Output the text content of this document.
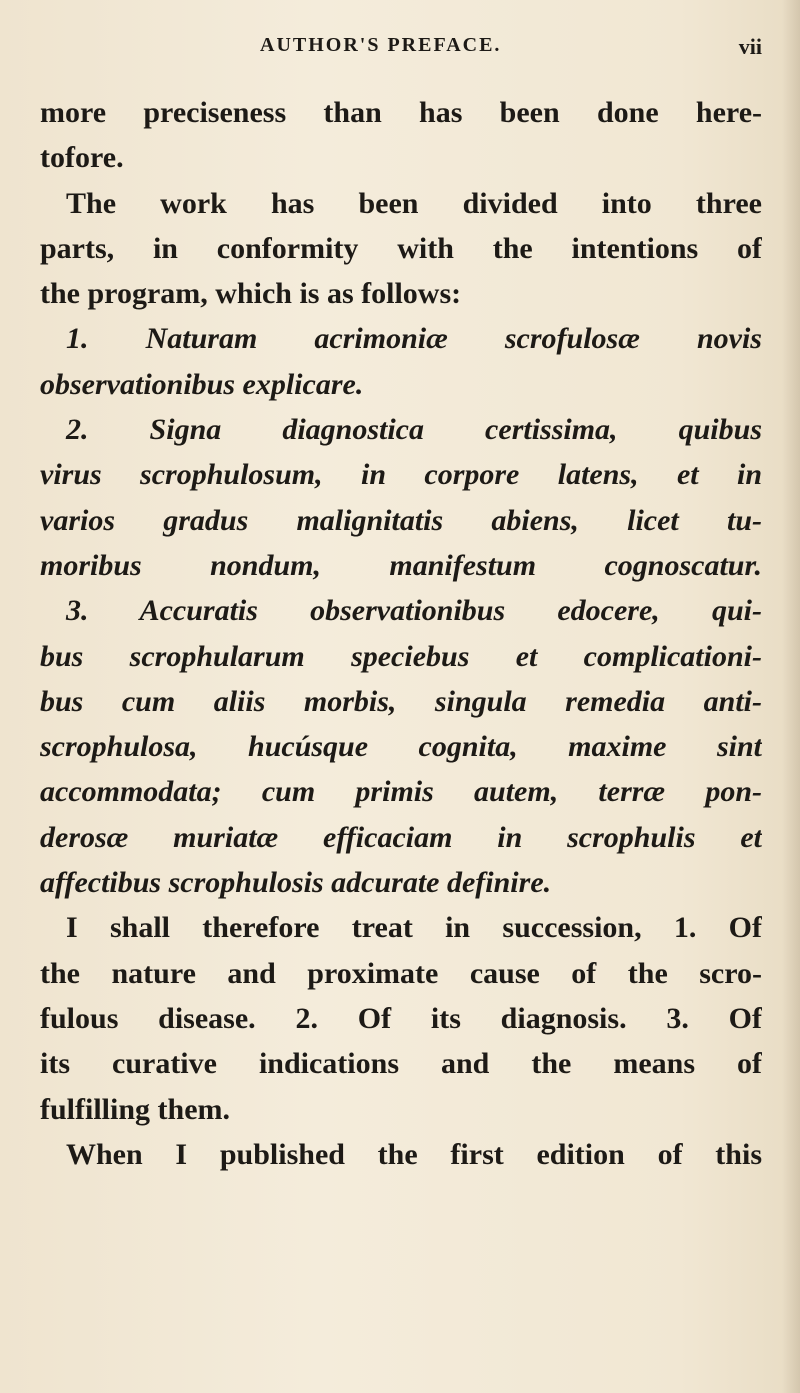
AUTHOR'S PREFACE.	vii
more preciseness than has been done here-
tofore.
The work has been divided into three
parts, in conformity with the intentions of
the program, which is as follows:
1. Naturam acrimoniæ scrofulosæ novis
observationibus explicare.
2. Signa diagnostica certissima, quibus
virus scrophulosum, in corpore latens, et in
varios gradus malignitatis abiens, licet tu-
moribus nondum, manifestum cognoscatur.
3. Accuratis observationibus edocere, qui-
bus scrophularum speciebus et complicationi-
bus cum aliis morbis, singula remedia anti-
scrophulosa, hucúsque cognita, maxime sint
accommodata; cum primis autem, terræ pon-
derosæ muriatæ efficaciam in scrophulis et
affectibus scrophulosis adcurate definire.
I shall therefore treat in succession, 1. Of
the nature and proximate cause of the scro-
fulous disease. 2. Of its diagnosis. 3. Of
its curative indications and the means of
fulfilling them.
When I published the first edition of this
